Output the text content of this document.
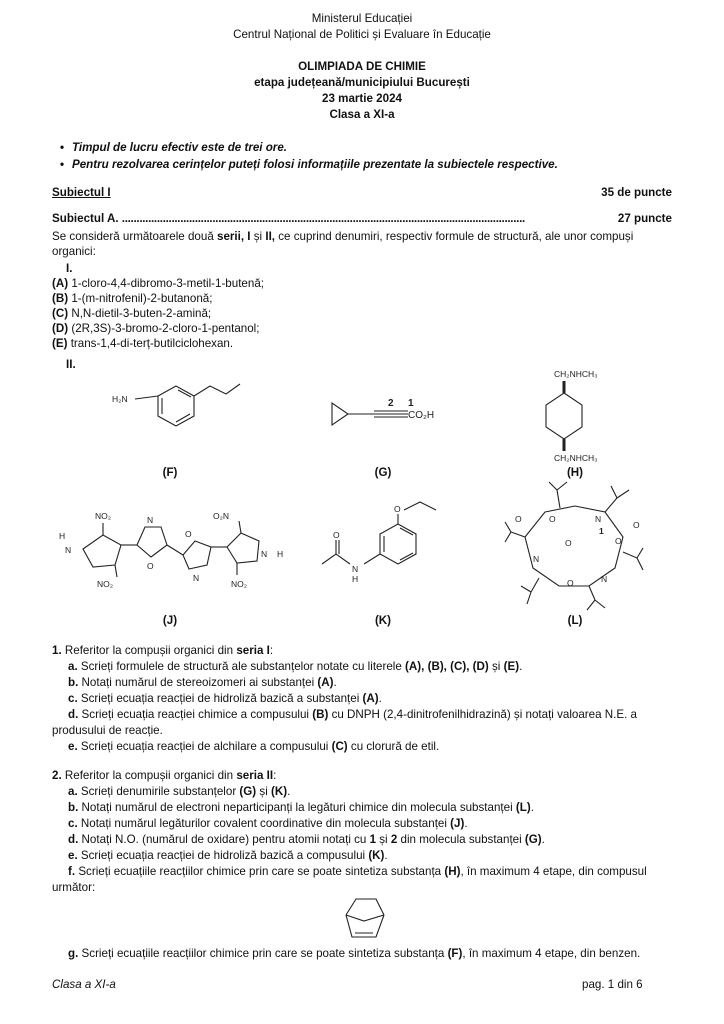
Ministerul Educației
Centrul Național de Politici și Evaluare în Educație
OLIMPIADA DE CHIMIE
etapa județeană/municipiului București
23 martie 2024
Clasa a XI-a
• Timpul de lucru efectiv este de trei ore.
• Pentru rezolvarea cerințelor puteți folosi informațiile prezentate la subiectele respective.
Subiectul I	35 de puncte
Subiectul A. ..........................................................................................................................................	27 puncte
Se consideră următoarele două serii, I și II, ce cuprind denumiri, respectiv formule de structură, ale unor compuși organici:
I.
(A) 1-cloro-4,4-dibromo-3-metil-1-butenă;
(B) 1-(m-nitrofenil)-2-butanonă;
(C) N,N-dietil-3-buten-2-amină;
(D) (2R,3S)-3-bromo-2-cloro-1-pentanol;
(E) trans-1,4-di-terț-butilciclohexan.
II.
H₂N
(F)
2 1
CO₂H
(G)
CH₂NHCH₃
CH₂NHCH₃
(H)
NO₂
H
N
NO₂
N
O
O
N
O₂N
NO₂
N H
(J)
O
N
H
O
(K)
O	N
1
O
N
O
N
O
O
O
(L)
1. Referitor la compușii organici din seria I:
a. Scrieți formulele de structură ale substanțelor notate cu literele (A), (B), (C), (D) și (E).
b. Notați numărul de stereoizomeri ai substanței (A).
c. Scrieți ecuația reacției de hidroliză bazică a substanței (A).
d. Scrieți ecuația reacției chimice a compusului (B) cu DNPH (2,4-dinitrofenilhidrazină) și notați valoarea N.E. a produsului de reacție.
e. Scrieți ecuația reacției de alchilare a compusului (C) cu clorură de etil.
2. Referitor la compușii organici din seria II:
a. Scrieți denumirile substanțelor (G) și (K).
b. Notați numărul de electroni neparticipanți la legături chimice din molecula substanței (L).
c. Notați numărul legăturilor covalent coordinative din molecula substanței (J).
d. Notați N.O. (numărul de oxidare) pentru atomii notați cu 1 și 2 din molecula substanței (G).
e. Scrieți ecuația reacției de hidroliză bazică a compusului (K).
f. Scrieți ecuațiile reacțiilor chimice prin care se poate sintetiza substanța (H), în maximum 4 etape, din compusul următor:
g. Scrieți ecuațiile reacțiilor chimice prin care se poate sintetiza substanța (F), în maximum 4 etape, din benzen.
Clasa a XI-a	pag. 1 din 6
